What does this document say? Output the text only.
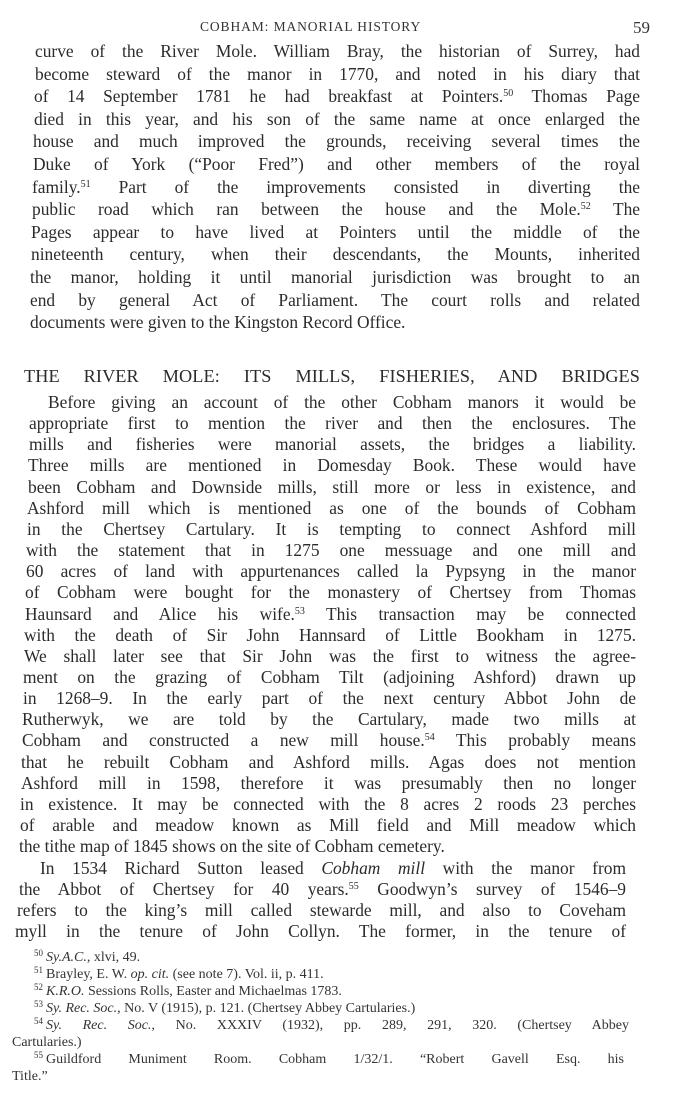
COBHAM: MANORIAL HISTORY	59
curve of the River Mole. William Bray, the historian of Surrey, had
become steward of the manor in 1770, and noted in his diary that
of 14 September 1781 he had breakfast at Pointers.$^{50}$ Thomas Page
died in this year, and his son of the same name at once enlarged the
house and much improved the grounds, receiving several times the
Duke of York (“Poor Fred”) and other members of the royal
family.$^{51}$ Part of the improvements consisted in diverting the
public road which ran between the house and the Mole.$^{52}$ The
Pages appear to have lived at Pointers until the middle of the
nineteenth century, when their descendants, the Mounts, inherited
the manor, holding it until manorial jurisdiction was brought to an
end by general Act of Parliament. The court rolls and related
documents were given to the Kingston Record Office.
THE RIVER MOLE: ITS MILLS, FISHERIES, AND BRIDGES
Before giving an account of the other Cobham manors it would be
appropriate first to mention the river and then the enclosures. The
mills and fisheries were manorial assets, the bridges a liability.
Three mills are mentioned in Domesday Book. These would have
been Cobham and Downside mills, still more or less in existence, and
Ashford mill which is mentioned as one of the bounds of Cobham
in the Chertsey Cartulary. It is tempting to connect Ashford mill
with the statement that in 1275 one messuage and one mill and
60 acres of land with appurtenances called la Pypsyng in the manor
of Cobham were bought for the monastery of Chertsey from Thomas
Haunsard and Alice his wife.$^{53}$ This transaction may be connected
with the death of Sir John Hannsard of Little Bookham in 1275.
We shall later see that Sir John was the first to witness the agree-
ment on the grazing of Cobham Tilt (adjoining Ashford) drawn up
in 1268–9. In the early part of the next century Abbot John de
Rutherwyk, we are told by the Cartulary, made two mills at
Cobham and constructed a new mill house.$^{54}$ This probably means
that he rebuilt Cobham and Ashford mills. Agas does not mention
Ashford mill in 1598, therefore it was presumably then no longer
in existence. It may be connected with the 8 acres 2 roods 23 perches
of arable and meadow known as Mill field and Mill meadow which
the tithe map of 1845 shows on the site of Cobham cemetery.
In 1534 Richard Sutton leased Cobham mill with the manor from
the Abbot of Chertsey for 40 years.$^{55}$ Goodwyn’s survey of 1546–9
refers to the king’s mill called stewarde mill, and also to Coveham
myll in the tenure of John Collyn. The former, in the tenure of
$^{50}$ Sy.A.C., xlvi, 49.
$^{51}$ Brayley, E. W. op. cit. (see note 7). Vol. ii, p. 411.
$^{52}$ K.R.O. Sessions Rolls, Easter and Michaelmas 1783.
$^{53}$ Sy. Rec. Soc., No. V (1915), p. 121. (Chertsey Abbey Cartularies.)
$^{54}$ Sy. Rec. Soc., No. XXXIV (1932), pp. 289, 291, 320. (Chertsey Abbey
Cartularies.)
$^{55}$ Guildford Muniment Room. Cobham 1/32/1. “Robert Gavell Esq. his
Title.”
